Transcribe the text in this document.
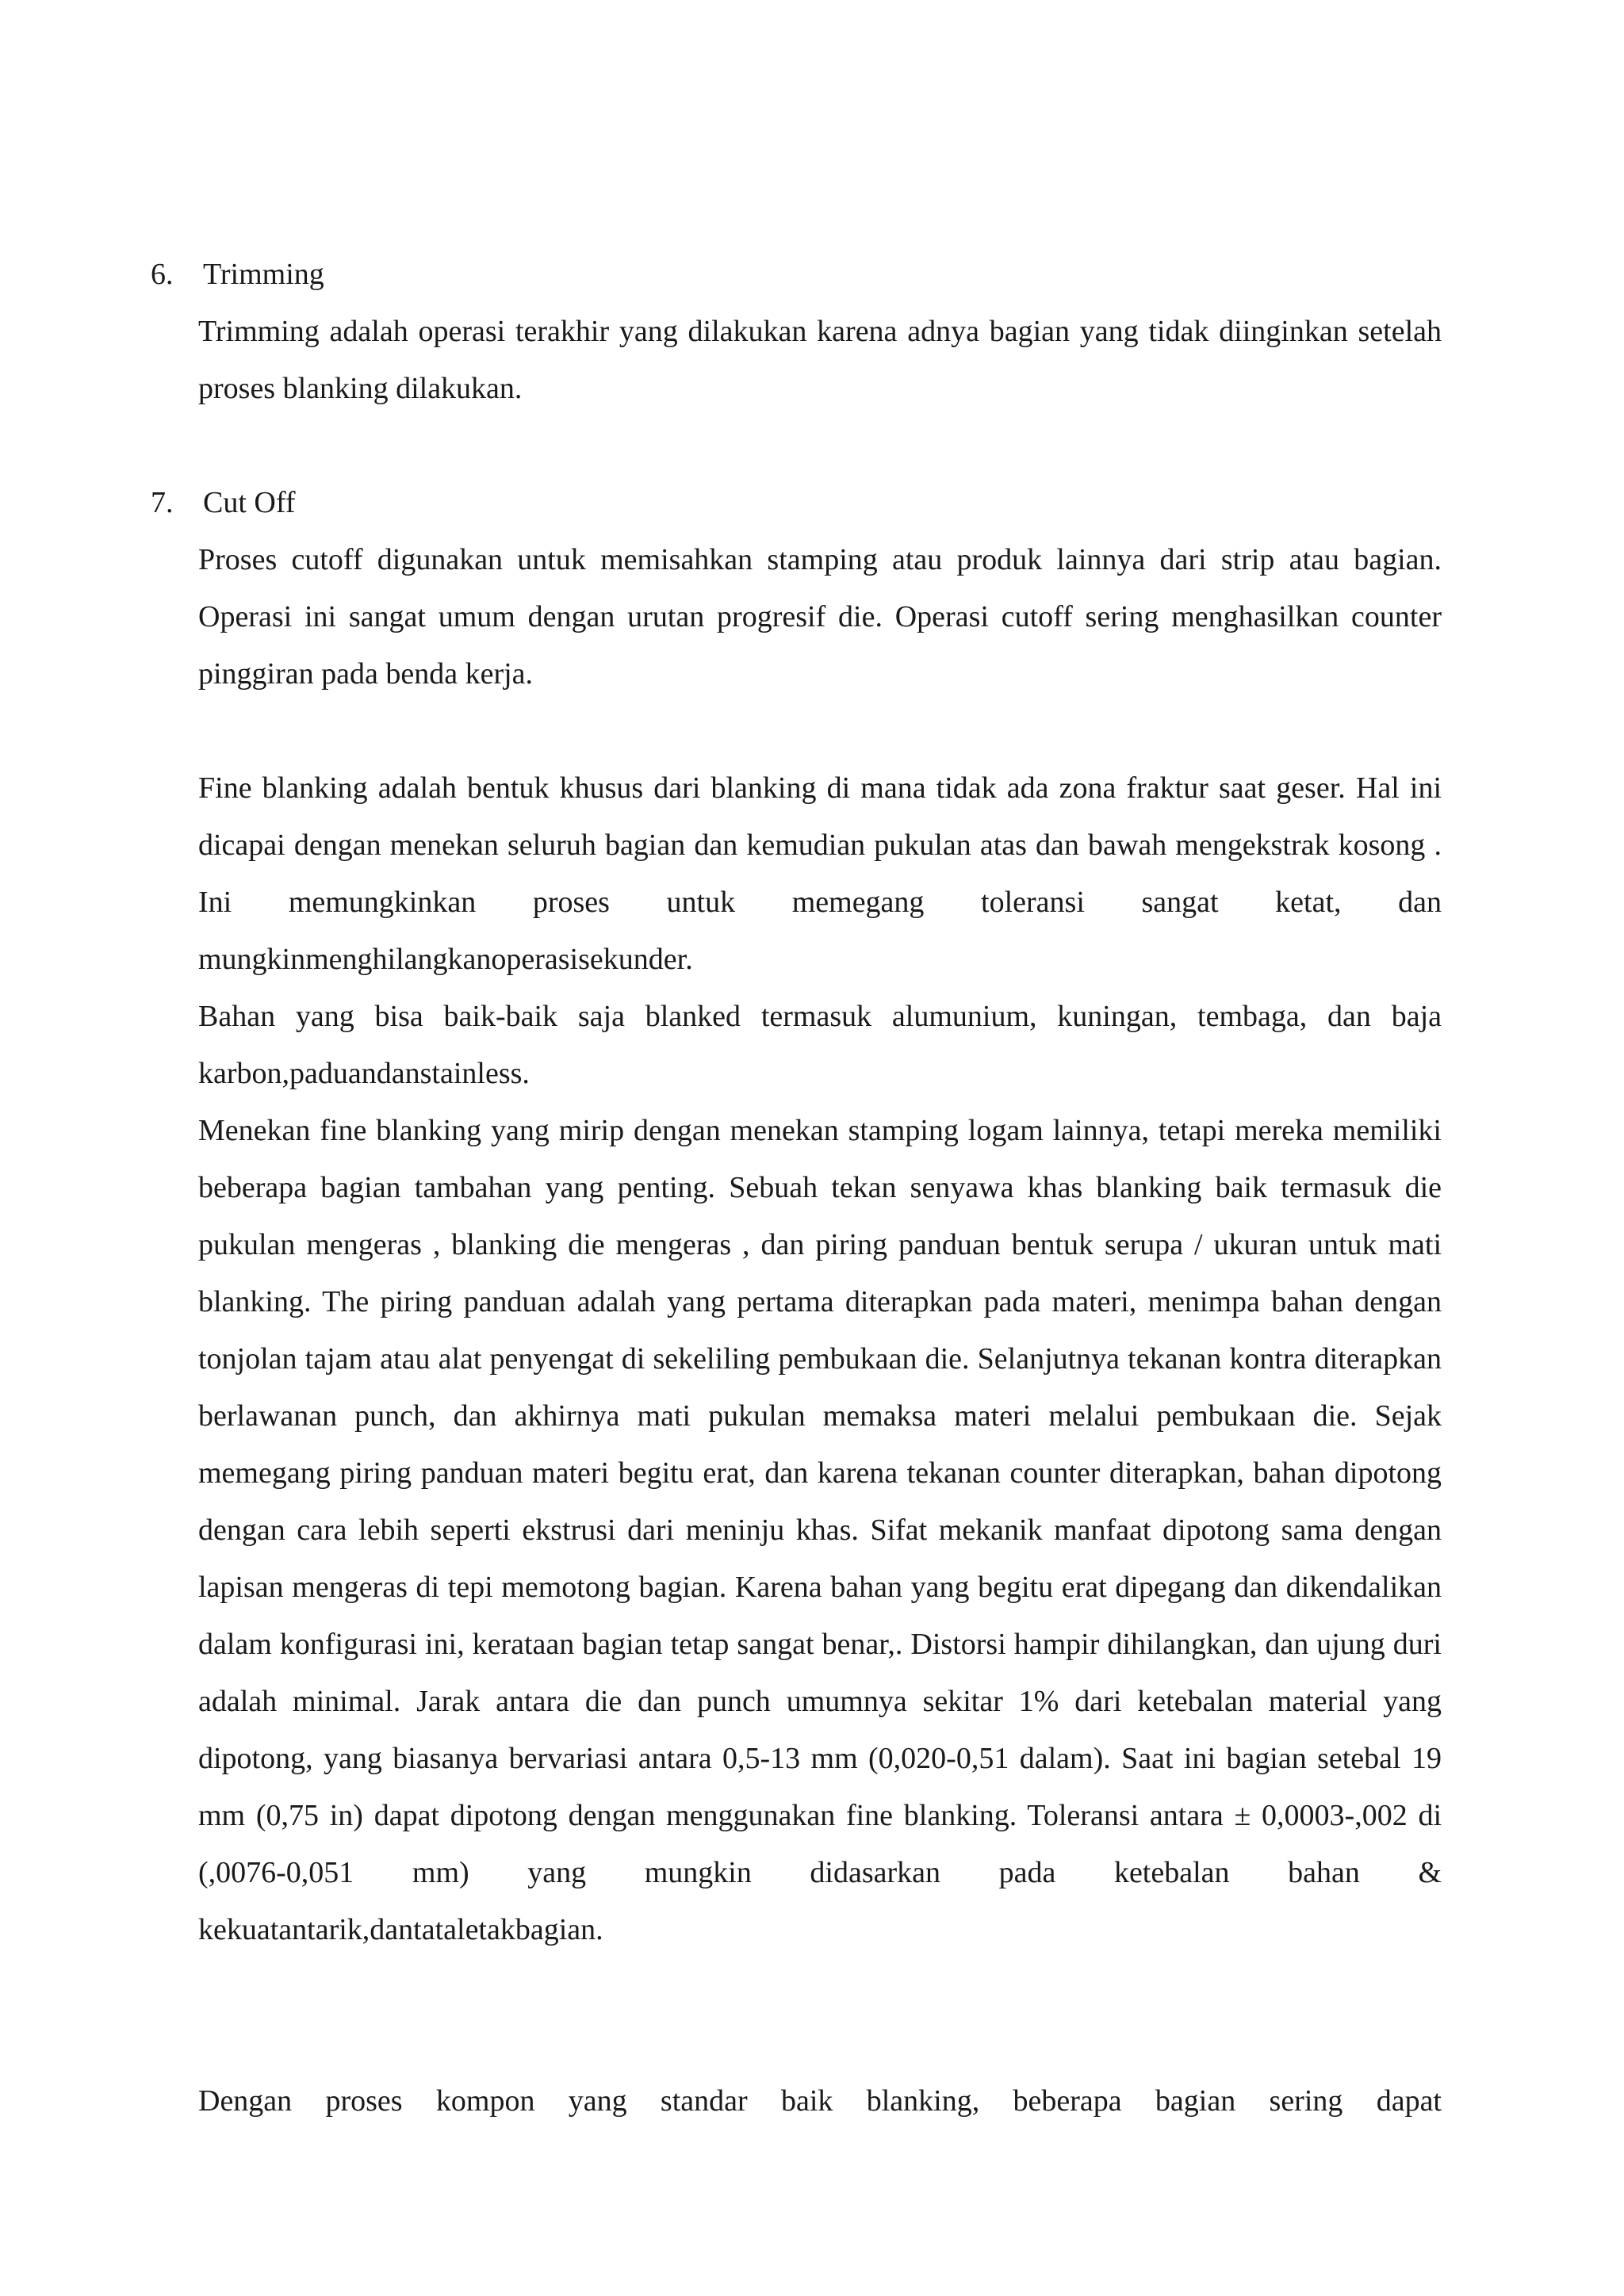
6. Trimming

Trimming adalah operasi terakhir yang dilakukan karena adnya bagian yang tidak diinginkan setelah proses blanking dilakukan.

7. Cut Off

Proses cutoff digunakan untuk memisahkan stamping atau produk lainnya dari strip atau bagian. Operasi ini sangat umum dengan urutan progresif die. Operasi cutoff sering menghasilkan counter pinggiran pada benda kerja.

Fine blanking adalah bentuk khusus dari blanking di mana tidak ada zona fraktur saat geser. Hal ini dicapai dengan menekan seluruh bagian dan kemudian pukulan atas dan bawah mengekstrak kosong . Ini memungkinkan proses untuk memegang toleransi sangat ketat, dan mungkinmenghilangkanoperasisekunder.

Bahan yang bisa baik-baik saja blanked termasuk alumunium, kuningan, tembaga, dan baja karbon,paduandanstainless.

Menekan fine blanking yang mirip dengan menekan stamping logam lainnya, tetapi mereka memiliki beberapa bagian tambahan yang penting. Sebuah tekan senyawa khas blanking baik termasuk die pukulan mengeras , blanking die mengeras , dan piring panduan bentuk serupa / ukuran untuk mati blanking. The piring panduan adalah yang pertama diterapkan pada materi, menimpa bahan dengan tonjolan tajam atau alat penyengat di sekeliling pembukaan die. Selanjutnya tekanan kontra diterapkan berlawanan punch, dan akhirnya mati pukulan memaksa materi melalui pembukaan die. Sejak memegang piring panduan materi begitu erat, dan karena tekanan counter diterapkan, bahan dipotong dengan cara lebih seperti ekstrusi dari meninju khas. Sifat mekanik manfaat dipotong sama dengan lapisan mengeras di tepi memotong bagian. Karena bahan yang begitu erat dipegang dan dikendalikan dalam konfigurasi ini, kerataan bagian tetap sangat benar,. Distorsi hampir dihilangkan, dan ujung duri adalah minimal. Jarak antara die dan punch umumnya sekitar 1% dari ketebalan material yang dipotong, yang biasanya bervariasi antara 0,5-13 mm (0,020-0,51 dalam). Saat ini bagian setebal 19 mm (0,75 in) dapat dipotong dengan menggunakan fine blanking. Toleransi antara ± 0,0003-,002 di (,0076-0,051 mm) yang mungkin didasarkan pada ketebalan bahan & kekuatantarik,dantataletakbagian.

Dengan proses kompon yang standar baik blanking, beberapa bagian sering dapat
